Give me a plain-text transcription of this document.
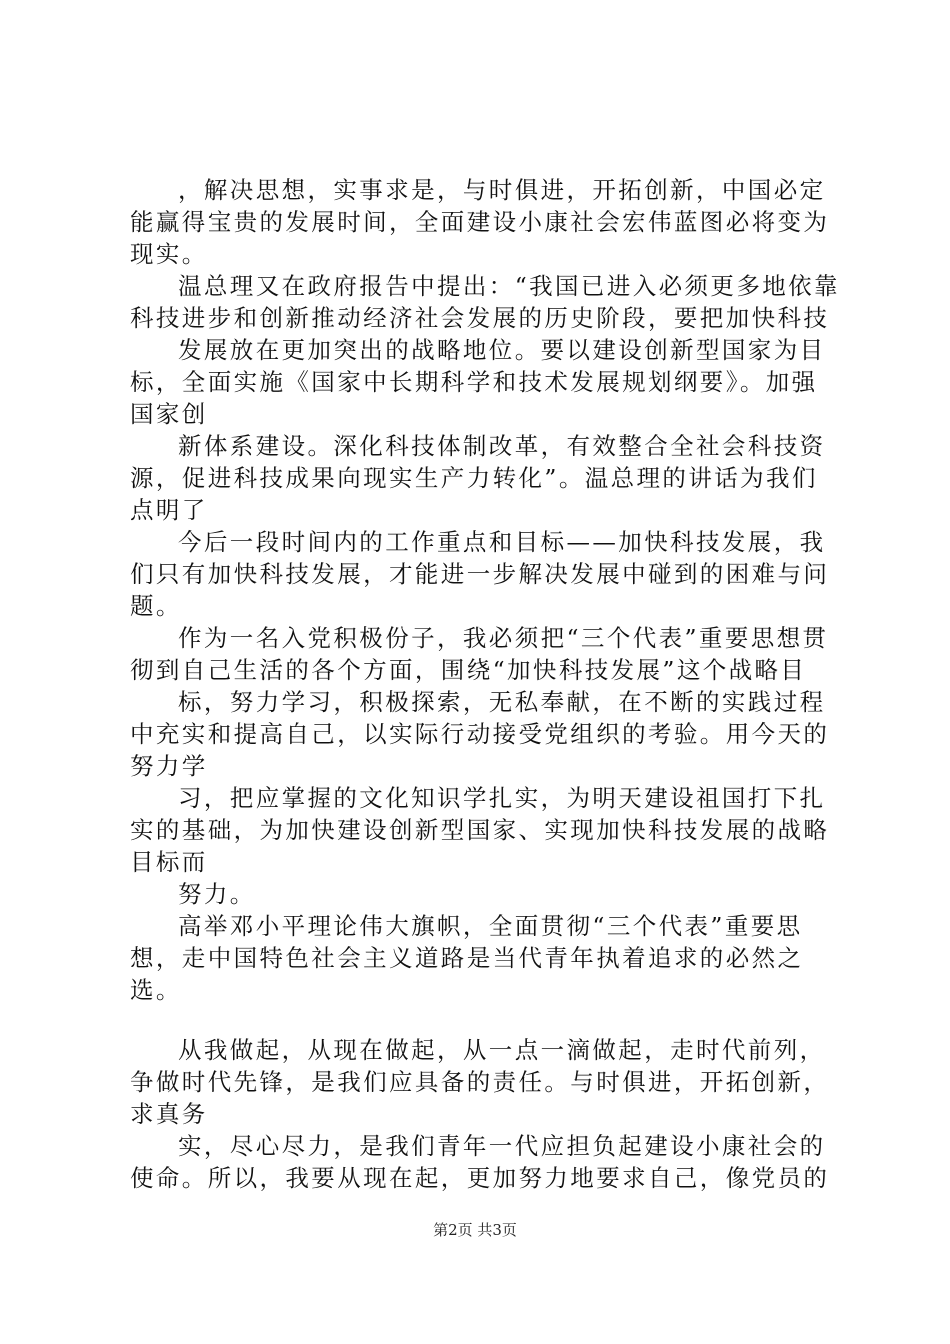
，解决思想，实事求是，与时俱进，开拓创新，中国必定能赢得宝贵的发展时间，全面建设小康社会宏伟蓝图必将变为现实。

温总理又在政府报告中提出：“我国已进入必须更多地依靠科技进步和创新推动经济社会发展的历史阶段，要把加快科技

发展放在更加突出的战略地位。要以建设创新型国家为目标，全面实施《国家中长期科学和技术发展规划纲要》。加强国家创

新体系建设。深化科技体制改革，有效整合全社会科技资源，促进科技成果向现实生产力转化”。温总理的讲话为我们点明了

今后一段时间内的工作重点和目标——加快科技发展，我们只有加快科技发展，才能进一步解决发展中碰到的困难与问题。

作为一名入党积极份子，我必须把“三个代表”重要思想贯彻到自己生活的各个方面，围绕“加快科技发展”这个战略目

标，努力学习，积极探索，无私奉献，在不断的实践过程中充实和提高自己，以实际行动接受党组织的考验。用今天的努力学

习，把应掌握的文化知识学扎实，为明天建设祖国打下扎实的基础，为加快建设创新型国家、实现加快科技发展的战略目标而

努力。

高举邓小平理论伟大旗帜，全面贯彻“三个代表”重要思想，走中国特色社会主义道路是当代青年执着追求的必然之选。

从我做起，从现在做起，从一点一滴做起，走时代前列，争做时代先锋，是我们应具备的责任。与时俱进，开拓创新，求真务

实，尽心尽力，是我们青年一代应担负起建设小康社会的使命。所以，我要从现在起，更加努力地要求自己，像党员的

第2页 共3页
